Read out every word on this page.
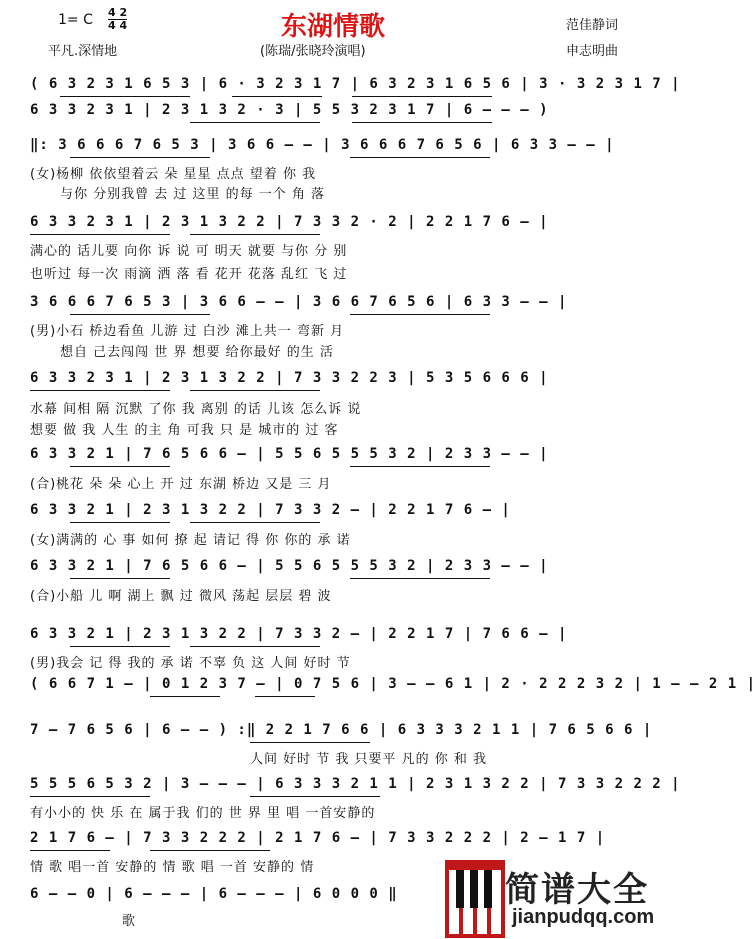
1= C 4 2
4 4	东湖情歌
平凡.深情地	(陈瑞/张晓玲演唱)
范佳静词
申志明曲
( 6 3 2 3 1 6 5 3 | 6 · 3 2 3 1 7 | 6 3 2 3 1 6 5 6 | 3 · 3 2 3 1 7 |
6 3 3 2 3 1 | 2 3 1 3 2 · 3 | 5 5 3 2 3 1 7 | 6 — — — )
‖: 3 6 6 6 7 6 5 3 | 3 6 6 — — | 3 6 6 6 7 6 5 6 | 6 3 3 — — |
(女)杨柳 依依望着云 朵 星星 点点 望着 你 我
与你 分别我曾 去 过 这里 的每 一个 角 落
6 3 3 2 3 1 | 2 3 1 3 2 2 | 7 3 3 2 · 2 | 2 2 1 7 6 — |
满心的 话儿要 向你 诉 说 可 明天 就要 与你 分 别
也听过 每一次 雨滴 洒 落 看 花开 花落 乱红 飞 过
3 6 6 6 7 6 5 3 | 3 6 6 — — | 3 6 6 7 6 5 6 | 6 3 3 — — |
(男)小石 桥边看鱼 儿游 过 白沙 滩上共一 弯新 月
想自 己去闯闯 世 界 想要 给你最好 的生 活
6 3 3 2 3 1 | 2 3 1 3 2 2 | 7 3 3 2 2 3 | 5 3 5 6 6 6 |
水幕 间相 隔 沉默 了你 我 离别 的话 儿该 怎么诉 说
想要 做 我 人生 的主 角 可我 只 是 城市的 过 客
6 3 3 2 1 | 7 6 5 6 6 — | 5 5 6 5 5 5 3 2 | 2 3 3 — — |
(合)桃花 朵 朵 心上 开 过 东湖 桥边 又是 三 月
6 3 3 2 1 | 2 3 1 3 2 2 | 7 3 3 2 — | 2 2 1 7 6 — |
(女)满满的 心 事 如何 撩 起 请记 得 你 你的 承 诺
6 3 3 2 1 | 7 6 5 6 6 — | 5 5 6 5 5 5 3 2 | 2 3 3 — — |
(合)小船 儿 啊 湖上 飘 过 微风 荡起 层层 碧 波
6 3 3 2 1 | 2 3 1 3 2 2 | 7 3 3 2 — | 2 2 1 7 | 7 6 6 — |
(男)我会 记 得 我的 承 诺 不辜 负 这 人间 好时 节
( 6 6 7 1 — | 0 1 2 3 7 — | 0 7 5 6 | 3 — — 6 1 | 2 · 2 2 2 3 2 | 1 — — 2 1 |
7 — 7 6 5 6 | 6 — — ) :‖ 2 2 1 7 6 6 | 6 3 3 3 2 1 1 | 7 6 5 6 6 |
人间 好时 节 我 只要平 凡的 你 和 我
5 5 5 6 5 3 2 | 3 — — — | 6 3 3 3 2 1 1 | 2 3 1 3 2 2 | 7 3 3 2 2 2 |
有小小的 快 乐 在 属于我 们的 世 界 里 唱 一首安静的
2 1 7 6 — | 7 3 3 2 2 2 | 2 1 7 6 — | 7 3 3 2 2 2 | 2 — 1 7 |
情 歌 唱一首 安静的 情 歌 唱 一首 安静的 情
6 — — 0 | 6 — — — | 6 — — — | 6 0 0 0 ‖
歌
简谱大全
jianpudqq.com
